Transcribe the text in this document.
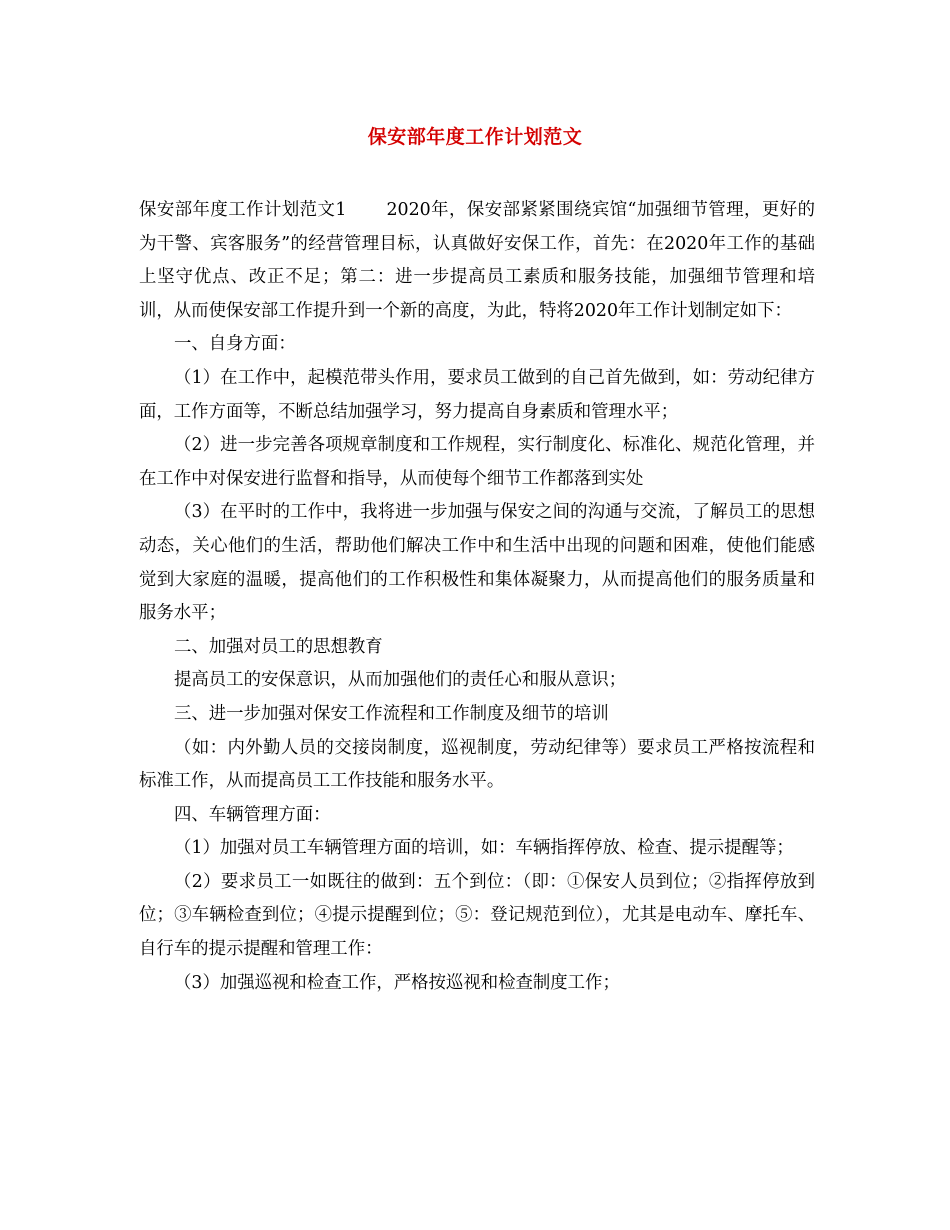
保安部年度工作计划范文

保安部年度工作计划范文1 2020年，保安部紧紧围绕宾馆“加强细节管理，更好的为干警、宾客服务”的经营管理目标，认真做好安保工作，首先：在2020年工作的基础上坚守优点、改正不足；第二：进一步提高员工素质和服务技能，加强细节管理和培训，从而使保安部工作提升到一个新的高度，为此，特将2020年工作计划制定如下：

一、自身方面：

（1）在工作中，起模范带头作用，要求员工做到的自己首先做到，如：劳动纪律方面，工作方面等，不断总结加强学习，努力提高自身素质和管理水平；

（2）进一步完善各项规章制度和工作规程，实行制度化、标准化、规范化管理，并在工作中对保安进行监督和指导，从而使每个细节工作都落到实处

（3）在平时的工作中，我将进一步加强与保安之间的沟通与交流，了解员工的思想动态，关心他们的生活，帮助他们解决工作中和生活中出现的问题和困难，使他们能感觉到大家庭的温暖，提高他们的工作积极性和集体凝聚力，从而提高他们的服务质量和服务水平；

二、加强对员工的思想教育

提高员工的安保意识，从而加强他们的责任心和服从意识；

三、进一步加强对保安工作流程和工作制度及细节的培训

（如：内外勤人员的交接岗制度，巡视制度，劳动纪律等）要求员工严格按流程和标准工作，从而提高员工工作技能和服务水平。

四、车辆管理方面：

（1）加强对员工车辆管理方面的培训，如：车辆指挥停放、检查、提示提醒等；

（2）要求员工一如既往的做到：五个到位：（即：①保安人员到位；②指挥停放到位；③车辆检查到位；④提示提醒到位；⑤：登记规范到位），尤其是电动车、摩托车、自行车的提示提醒和管理工作：

（3）加强巡视和检查工作，严格按巡视和检查制度工作；
